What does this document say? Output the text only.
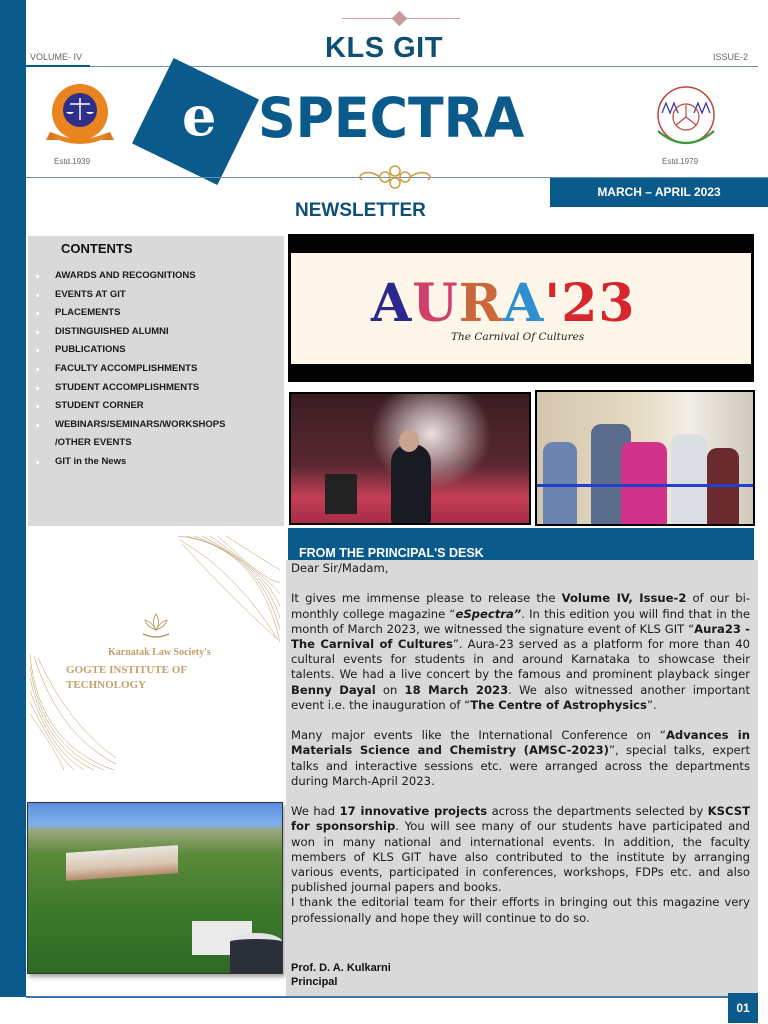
VOLUME- IV	KLS GIT	ISSUE-2
Estd.1939
e SPECTRA
Estd.1979
NEWSLETTER
MARCH – APRIL 2023
CONTENTS
AWARDS AND RECOGNITIONS
EVENTS AT GIT
PLACEMENTS
DISTINGUISHED ALUMNI
PUBLICATIONS
FACULTY ACCOMPLISHMENTS
STUDENT ACCOMPLISHMENTS
STUDENT CORNER
WEBINARS/SEMINARS/WORKSHOPS
/OTHER EVENTS
GIT in the News
AURA'23
The Carnival Of Cultures
Karnatak Law Society's
GOGTE INSTITUTE OF
TECHNOLOGY
FROM THE PRINCIPAL'S DESK

Dear Sir/Madam,

It gives me immense please to release the Volume IV, Issue-2 of our bi-monthly college magazine “eSpectra”. In this edition you will find that in the month of March 2023, we witnessed the signature event of KLS GIT “Aura23 - The Carnival of Cultures”. Aura-23 served as a platform for more than 40 cultural events for students in and around Karnataka to showcase their talents. We had a live concert by the famous and prominent playback singer Benny Dayal on 18 March 2023. We also witnessed another important event i.e. the inauguration of “The Centre of Astrophysics”.

Many major events like the International Conference on “Advances in Materials Science and Chemistry (AMSC-2023)”, special talks, expert talks and interactive sessions etc. were arranged across the departments during March-April 2023.

We had 17 innovative projects across the departments selected by KSCST for sponsorship. You will see many of our students have participated and won in many national and international events. In addition, the faculty members of KLS GIT have also contributed to the institute by arranging various events, participated in conferences, workshops, FDPs etc. and also published journal papers and books.

I thank the editorial team for their efforts in bringing out this magazine very professionally and hope they will continue to do so.

Prof. D. A. Kulkarni
Principal
01
